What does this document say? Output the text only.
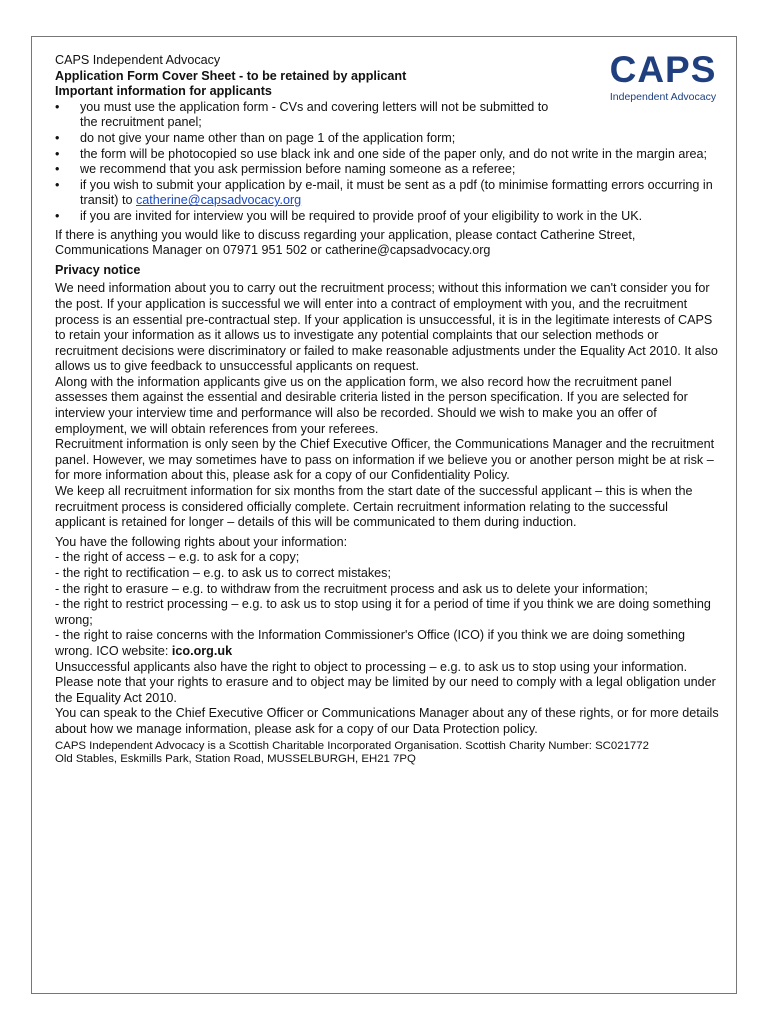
CAPS
Independent Advocacy

CAPS Independent Advocacy

Application Form Cover Sheet - to be retained by applicant

Important information for applicants

• you must use the application form - CVs and covering letters will not be submitted to the recruitment panel;
• do not give your name other than on page 1 of the application form;
• the form will be photocopied so use black ink and one side of the paper only, and do not write in the margin area;
• we recommend that you ask permission before naming someone as a referee;
• if you wish to submit your application by e-mail, it must be sent as a pdf (to minimise formatting errors occurring in transit) to catherine@capsadvocacy.org
• if you are invited for interview you will be required to provide proof of your eligibility to work in the UK.

If there is anything you would like to discuss regarding your application, please contact Catherine Street, Communications Manager on 07971 951 502 or catherine@capsadvocacy.org

Privacy notice

We need information about you to carry out the recruitment process; without this information we can't consider you for the post. If your application is successful we will enter into a contract of employment with you, and the recruitment process is an essential pre-contractual step. If your application is unsuccessful, it is in the legitimate interests of CAPS to retain your information as it allows us to investigate any potential complaints that our selection methods or recruitment decisions were discriminatory or failed to make reasonable adjustments under the Equality Act 2010. It also allows us to give feedback to unsuccessful applicants on request.

Along with the information applicants give us on the application form, we also record how the recruitment panel assesses them against the essential and desirable criteria listed in the person specification. If you are selected for interview your interview time and performance will also be recorded. Should we wish to make you an offer of employment, we will obtain references from your referees.

Recruitment information is only seen by the Chief Executive Officer, the Communications Manager and the recruitment panel. However, we may sometimes have to pass on information if we believe you or another person might be at risk – for more information about this, please ask for a copy of our Confidentiality Policy.

We keep all recruitment information for six months from the start date of the successful applicant – this is when the recruitment process is considered officially complete. Certain recruitment information relating to the successful applicant is retained for longer – details of this will be communicated to them during induction.

You have the following rights about your information:

- the right of access – e.g. to ask for a copy;

- the right to rectification – e.g. to ask us to correct mistakes;

- the right to erasure – e.g. to withdraw from the recruitment process and ask us to delete your information;

- the right to restrict processing – e.g. to ask us to stop using it for a period of time if you think we are doing something wrong;

- the right to raise concerns with the Information Commissioner's Office (ICO) if you think we are doing something wrong. ICO website: ico.org.uk

Unsuccessful applicants also have the right to object to processing – e.g. to ask us to stop using your information.

Please note that your rights to erasure and to object may be limited by our need to comply with a legal obligation under the Equality Act 2010.

You can speak to the Chief Executive Officer or Communications Manager about any of these rights, or for more details about how we manage information, please ask for a copy of our Data Protection policy.

CAPS Independent Advocacy is a Scottish Charitable Incorporated Organisation. Scottish Charity Number: SC021772

Old Stables, Eskmills Park, Station Road, MUSSELBURGH, EH21 7PQ
